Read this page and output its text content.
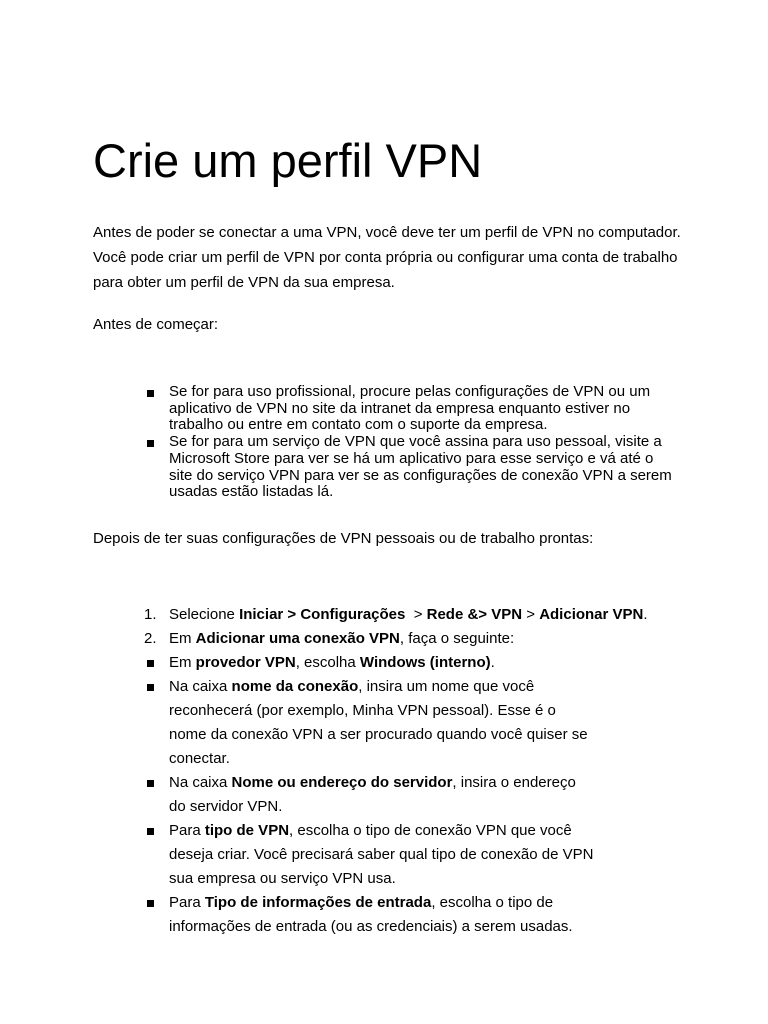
Crie um perfil VPN

Antes de poder se conectar a uma VPN, você deve ter um perfil de VPN no computador. Você pode criar um perfil de VPN por conta própria ou configurar uma conta de trabalho para obter um perfil de VPN da sua empresa.

Antes de começar:

Se for para uso profissional, procure pelas configurações de VPN ou um aplicativo de VPN no site da intranet da empresa enquanto estiver no trabalho ou entre em contato com o suporte da empresa.
Se for para um serviço de VPN que você assina para uso pessoal, visite a Microsoft Store para ver se há um aplicativo para esse serviço e vá até o site do serviço VPN para ver se as configurações de conexão VPN a serem usadas estão listadas lá.

Depois de ter suas configurações de VPN pessoais ou de trabalho prontas:

1. Selecione Iniciar > Configurações  > Rede &> VPN > Adicionar VPN.
2. Em Adicionar uma conexão VPN, faça o seguinte:
Em provedor VPN, escolha Windows (interno).
Na caixa nome da conexão, insira um nome que você reconhecerá (por exemplo, Minha VPN pessoal). Esse é o nome da conexão VPN a ser procurado quando você quiser se conectar.
Na caixa Nome ou endereço do servidor, insira o endereço do servidor VPN.
Para tipo de VPN, escolha o tipo de conexão VPN que você deseja criar. Você precisará saber qual tipo de conexão de VPN sua empresa ou serviço VPN usa.
Para Tipo de informações de entrada, escolha o tipo de informações de entrada (ou as credenciais) a serem usadas.
